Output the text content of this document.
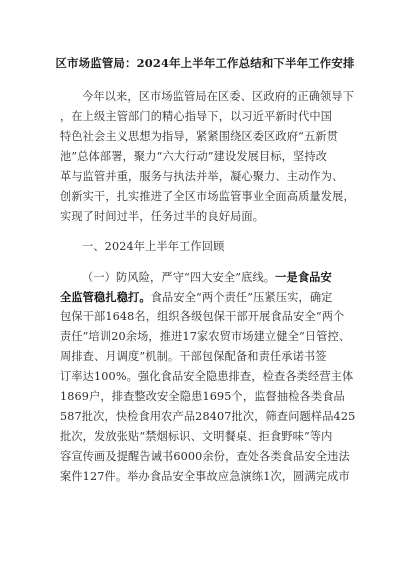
区市场监管局：2024年上半年工作总结和下半年工作安排
今年以来，区市场监管局在区委、区政府的正确领导下
，在上级主管部门的精心指导下，以习近平新时代中国
特色社会主义思想为指导，紧紧围绕区委区政府“五新贯
池”总体部署，聚力“六大行动”建设发展目标，坚持改
革与监管并重，服务与执法并举，凝心聚力、主动作为、
创新实干，扎实推进了全区市场监管事业全面高质量发展，
实现了时间过半，任务过半的良好局面。
一、2024年上半年工作回顾
（一）防风险，严守“四大安全”底线。一是食品安
全监管稳扎稳打。食品安全“两个责任”压紧压实，确定
包保干部1648名，组织各级包保干部开展食品安全“两个
责任”培训20余场，推进17家农贸市场建立健全“日管控、
周排查、月调度”机制。干部包保配备和责任承诺书签
订率达100%。强化食品安全隐患排查，检查各类经营主体
1869户，排查整改安全隐患1695个，监督抽检各类食品
587批次，快检食用农产品28407批次，筛查问题样品425
批次，发放张贴“禁烟标识、文明餐桌、拒食野味”等内
容宣传画及提醒告诫书6000余份，查处各类食品安全违法
案件127件。举办食品安全事故应急演练1次，圆满完成市
